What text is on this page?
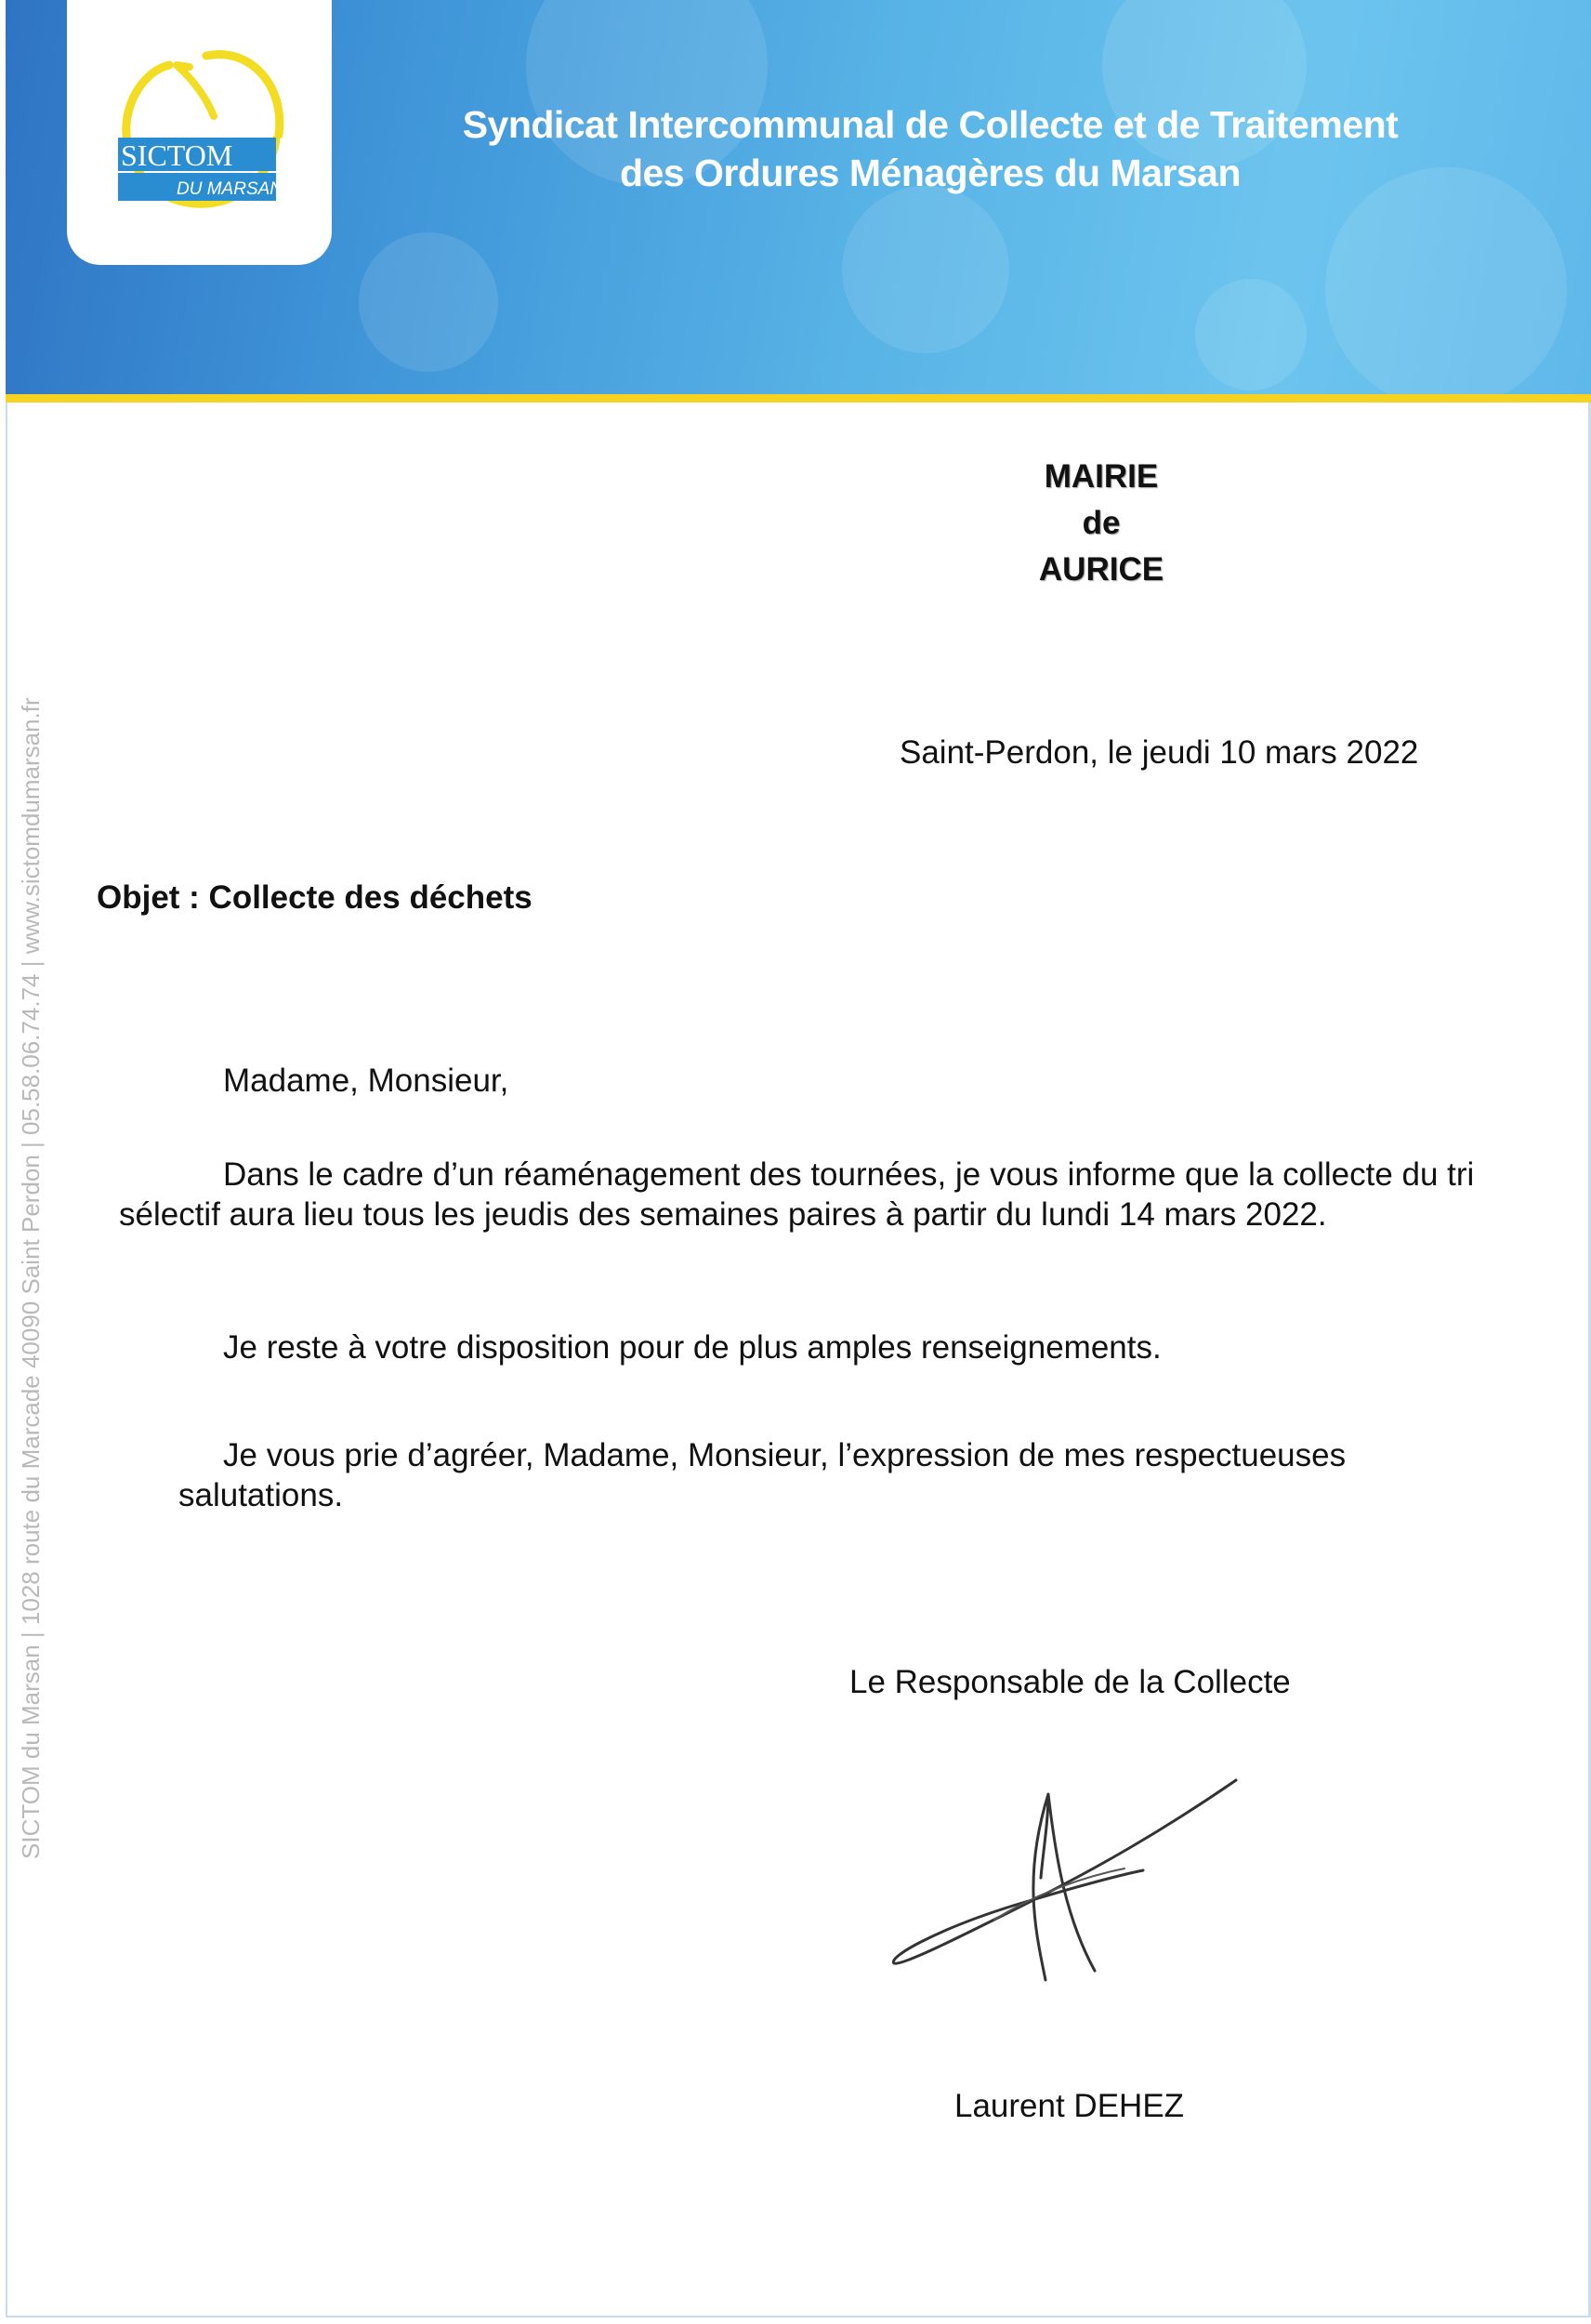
Syndicat Intercommunal de Collecte et de Traitement
des Ordures Ménagères du Marsan
SICTOM
DU MARSAN
SICTOM du Marsan | 1028 route du Marcade 40090 Saint Perdon | 05.58.06.74.74 | www.sictomdumarsan.fr
MAIRIE
de
AURICE
Saint-Perdon, le jeudi 10 mars 2022
Objet : Collecte des déchets
Madame, Monsieur,
Dans le cadre d’un réaménagement des tournées, je vous informe que la collecte du tri sélectif aura lieu tous les jeudis des semaines paires à partir du lundi 14 mars 2022.
Je reste à votre disposition pour de plus amples renseignements.
Je vous prie d’agréer, Madame, Monsieur, l’expression de mes respectueuses salutations.
Le Responsable de la Collecte
Laurent DEHEZ
